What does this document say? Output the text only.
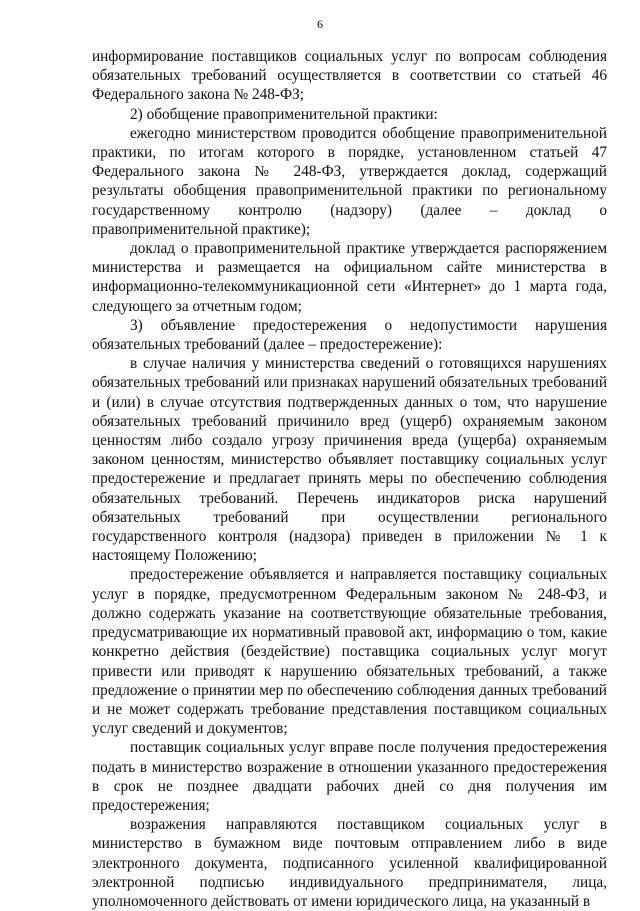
6

информирование поставщиков социальных услуг по вопросам соблюдения обязательных требований осуществляется в соответствии со статьей 46 Федерального закона № 248-ФЗ;

2) обобщение правоприменительной практики:

ежегодно министерством проводится обобщение правоприменительной практики, по итогам которого в порядке, установленном статьей 47 Федерального закона № 248-ФЗ, утверждается доклад, содержащий результаты обобщения правоприменительной практики по региональному государственному контролю (надзору) (далее – доклад о правоприменительной практике);

доклад о правоприменительной практике утверждается распоряжением министерства и размещается на официальном сайте министерства в информационно-телекоммуникационной сети «Интернет» до 1 марта года, следующего за отчетным годом;

3) объявление предостережения о недопустимости нарушения обязательных требований (далее – предостережение):

в случае наличия у министерства сведений о готовящихся нарушениях обязательных требований или признаках нарушений обязательных требований и (или) в случае отсутствия подтвержденных данных о том, что нарушение обязательных требований причинило вред (ущерб) охраняемым законом ценностям либо создало угрозу причинения вреда (ущерба) охраняемым законом ценностям, министерство объявляет поставщику социальных услуг предостережение и предлагает принять меры по обеспечению соблюдения обязательных требований. Перечень индикаторов риска нарушений обязательных требований при осуществлении регионального государственного контроля (надзора) приведен в приложении № 1 к настоящему Положению;

предостережение объявляется и направляется поставщику социальных услуг в порядке, предусмотренном Федеральным законом № 248-ФЗ, и должно содержать указание на соответствующие обязательные требования, предусматривающие их нормативный правовой акт, информацию о том, какие конкретно действия (бездействие) поставщика социальных услуг могут привести или приводят к нарушению обязательных требований, а также предложение о принятии мер по обеспечению соблюдения данных требований и не может содержать требование представления поставщиком социальных услуг сведений и документов;

поставщик социальных услуг вправе после получения предостережения подать в министерство возражение в отношении указанного предостережения в срок не позднее двадцати рабочих дней со дня получения им предостережения;

возражения направляются поставщиком социальных услуг в министерство в бумажном виде почтовым отправлением либо в виде электронного документа, подписанного усиленной квалифицированной электронной подписью индивидуального предпринимателя, лица, уполномоченного действовать от имени юридического лица, на указанный в
